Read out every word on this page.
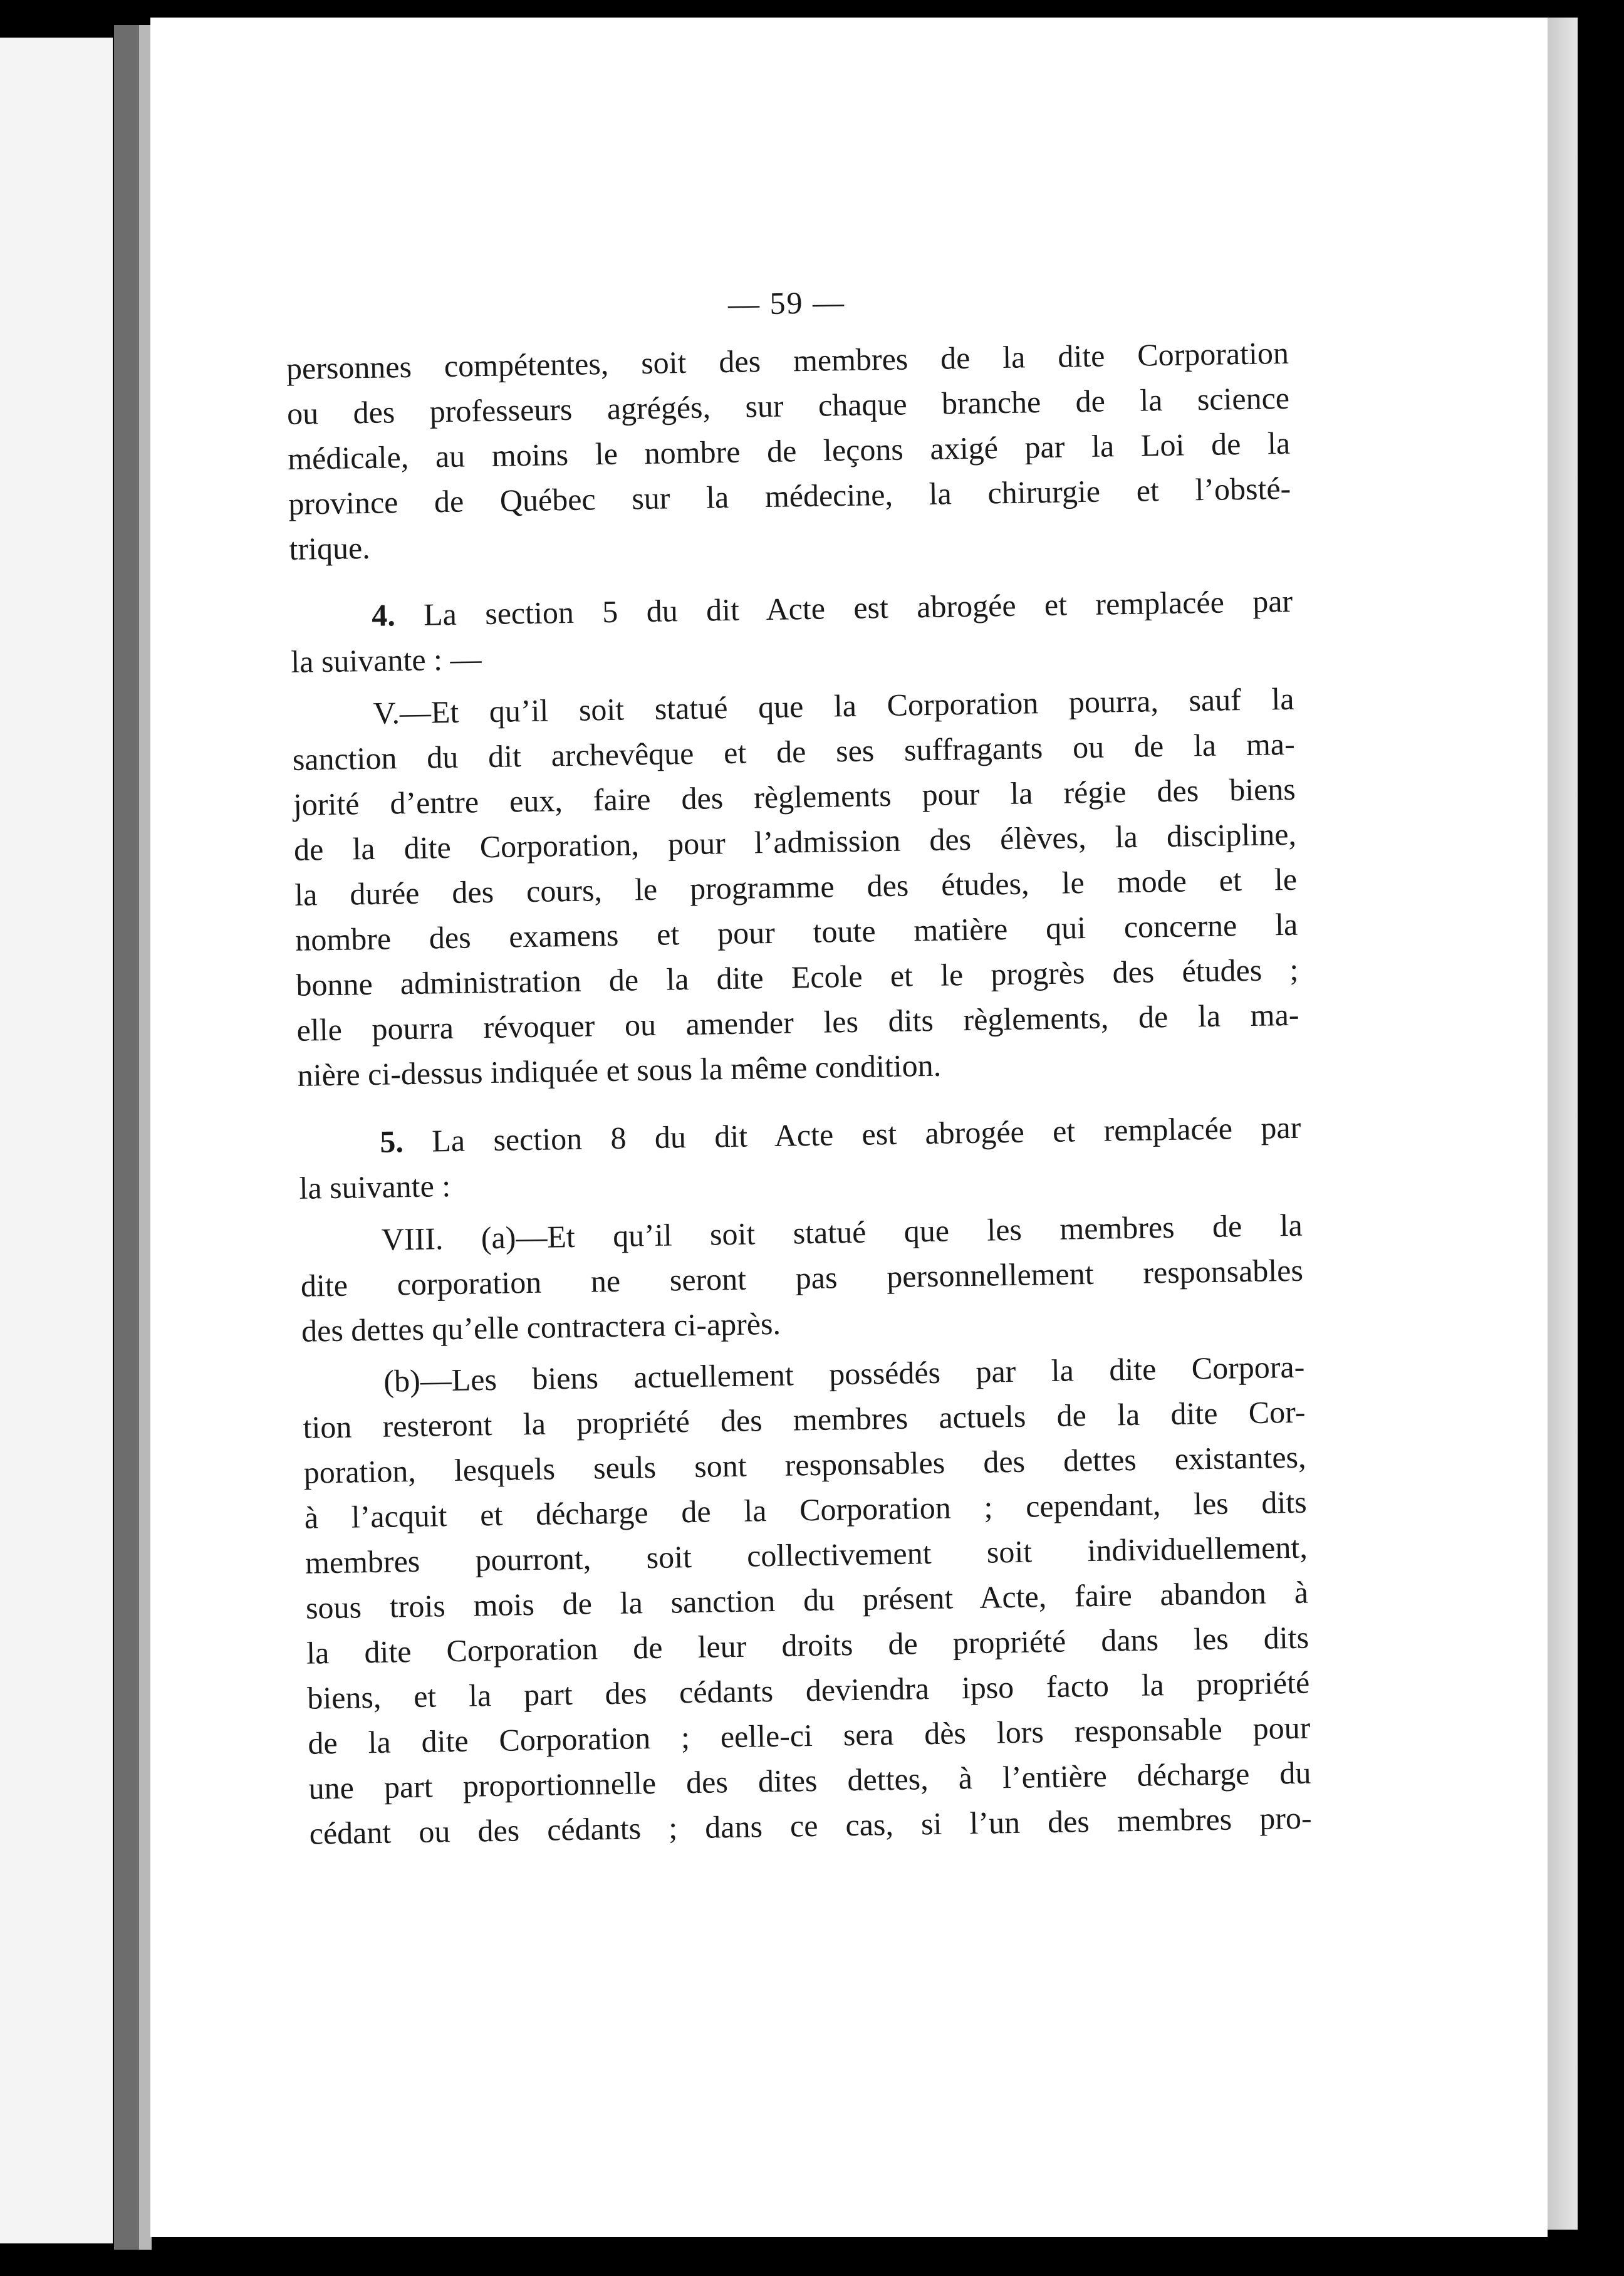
— 59 —
personnes compétentes, soit des membres de la dite Corporation
ou des professeurs agrégés, sur chaque branche de la science
médicale, au moins le nombre de leçons axigé par la Loi de la
province de Québec sur la médecine, la chirurgie et l’obsté-
trique.
4. La section 5 du dit Acte est abrogée et remplacée par
la suivante : —
V.—Et qu’il soit statué que la Corporation pourra, sauf la
sanction du dit archevêque et de ses suffragants ou de la ma-
jorité d’entre eux, faire des règlements pour la régie des biens
de la dite Corporation, pour l’admission des élèves, la discipline,
la durée des cours, le programme des études, le mode et le
nombre des examens et pour toute matière qui concerne la
bonne administration de la dite Ecole et le progrès des études ;
elle pourra révoquer ou amender les dits règlements, de la ma-
nière ci-dessus indiquée et sous la même condition.
5. La section 8 du dit Acte est abrogée et remplacée par
la suivante :
VIII. (a)—Et qu’il soit statué que les membres de la
dite corporation ne seront pas personnellement responsables
des dettes qu’elle contractera ci-après.
(b)—Les biens actuellement possédés par la dite Corpora-
tion resteront la propriété des membres actuels de la dite Cor-
poration, lesquels seuls sont responsables des dettes existantes,
à l’acquit et décharge de la Corporation ; cependant, les dits
membres pourront, soit collectivement soit individuellement,
sous trois mois de la sanction du présent Acte, faire abandon à
la dite Corporation de leur droits de propriété dans les dits
biens, et la part des cédants deviendra ipso facto la propriété
de la dite Corporation ; eelle-ci sera dès lors responsable pour
une part proportionnelle des dites dettes, à l’entière décharge du
cédant ou des cédants ; dans ce cas, si l’un des membres pro-
